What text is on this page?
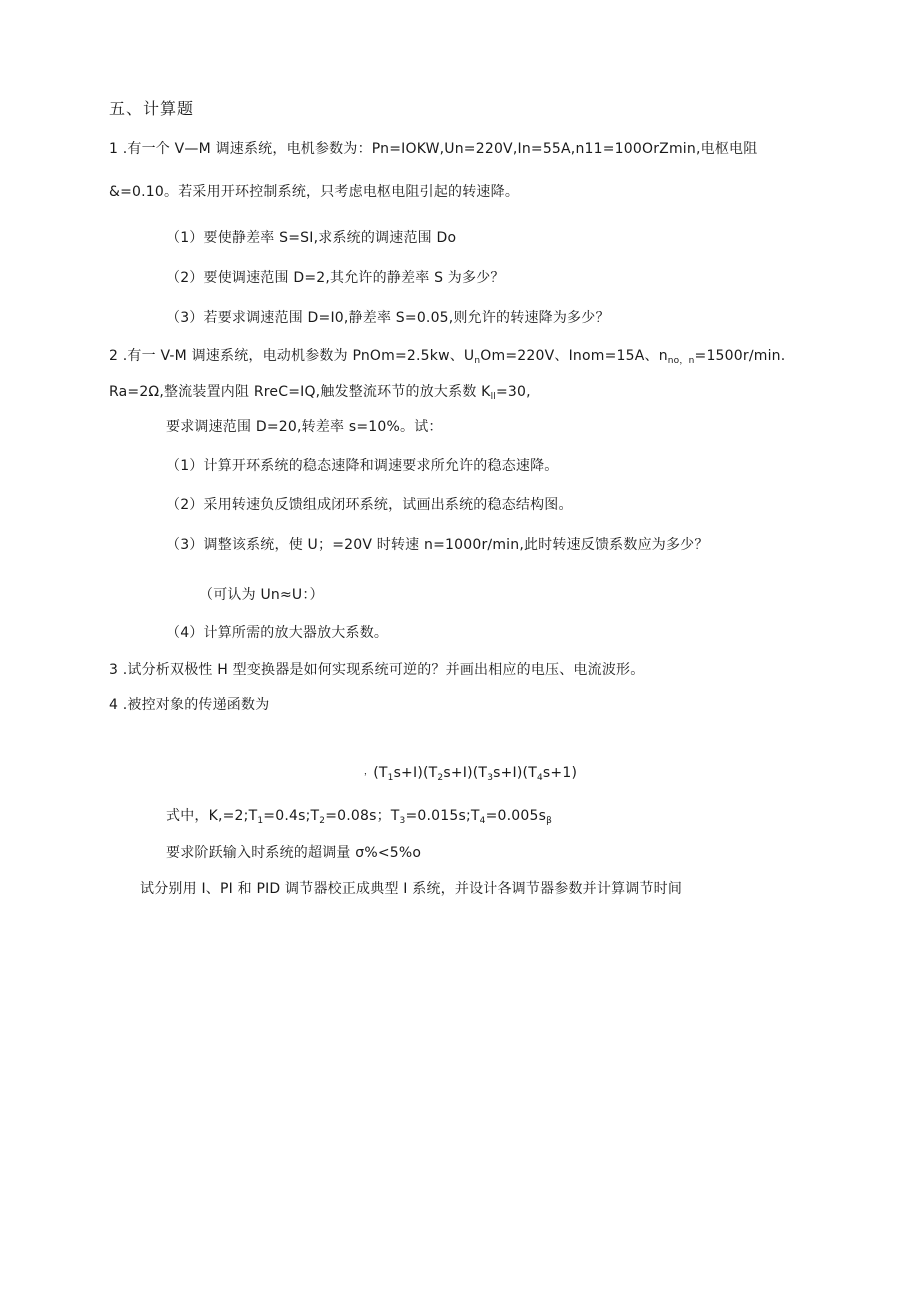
五、计算题
1 .有一个 V—M 调速系统，电机参数为：Pn=IOKW,Un=220V,In=55A,n11=100OrZmin,电枢电阻
&=0.10。若采用开环控制系统，只考虑电枢电阻引起的转速降。
（1）要使静差率 S=SI,求系统的调速范围 Do
（2）要使调速范围 D=2,其允许的静差率 S 为多少？
（3）若要求调速范围 D=I0,静差率 S=0.05,则允许的转速降为多少？
2 .有一 V-M 调速系统，电动机参数为 PnOm=2.5kw、$U_nOm=220V$、Inom=15A、$n_{no,n}=1500r∕\min$.
Ra=2Ω,整流装置内阻 RreC=IQ,触发整流环节的放大系数 $K_{ll}=30$,
要求调速范围 D=20,转差率 s=10%。试：
（1）计算开环系统的稳态速降和调速要求所允许的稳态速降。
（2）采用转速负反馈组成闭环系统，试画出系统的稳态结构图。
（3）调整该系统，使 U；=20V 时转速 n=1000r∕min,此时转速反馈系数应为多少？
（可认为 Un≈U：）
（4）计算所需的放大器放大系数。
3 .试分析双极性 H 型变换器是如何实现系统可逆的？并画出相应的电压、电流波形。
4 .被控对象的传递函数为
$^,(T_1s+I)(T_2s+I)(T_3s+I)(T_4s+1)$
式中，$K,=2;T_1=0.4s;T_2=0.08s$；$T_3=0.015s;T_4=0.005s_\beta$
要求阶跃输入时系统的超调量 σ%<5%o
试分别用 I、PI 和 PID 调节器校正成典型 I 系统，并设计各调节器参数并计算调节时间
